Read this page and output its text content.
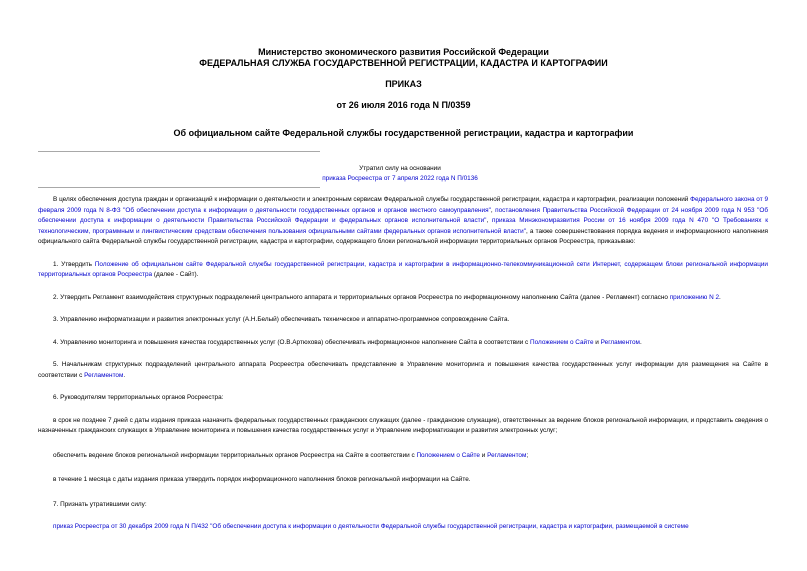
Министерство экономического развития Российской Федерации
ФЕДЕРАЛЬНАЯ СЛУЖБА ГОСУДАРСТВЕННОЙ РЕГИСТРАЦИИ, КАДАСТРА И КАРТОГРАФИИ
ПРИКАЗ
от 26 июля 2016 года N П/0359
Об официальном сайте Федеральной службы государственной регистрации, кадастра и картографии
Утратил силу на основании
приказа Росреестра от 7 апреля 2022 года N П/0136

В целях обеспечения доступа граждан и организаций к информации о деятельности и электронным сервисам Федеральной службы государственной регистрации, кадастра и картографии, реализации положений Федерального закона от 9 февраля 2009 года N 8-ФЗ "Об обеспечении доступа к информации о деятельности государственных органов и органов местного самоуправления", постановления Правительства Российской Федерации от 24 ноября 2009 года N 953 "Об обеспечении доступа к информации о деятельности Правительства Российской Федерации и федеральных органов исполнительной власти", приказа Минэкономразвития России от 16 ноября 2009 года N 470 "О Требованиях к технологическим, программным и лингвистическим средствам обеспечения пользования официальными сайтами федеральных органов исполнительной власти", а также совершенствования порядка ведения и информационного наполнения официального сайта Федеральной службы государственной регистрации, кадастра и картографии, содержащего блоки региональной информации территориальных органов Росреестра, приказываю:

1. Утвердить Положение об официальном сайте Федеральной службы государственной регистрации, кадастра и картографии в информационно-телекоммуникационной сети Интернет, содержащем блоки региональной информации территориальных органов Росреестра (далее - Сайт).

2. Утвердить Регламент взаимодействия структурных подразделений центрального аппарата и территориальных органов Росреестра по информационному наполнению Сайта (далее - Регламент) согласно приложению N 2.

3. Управлению информатизации и развития электронных услуг (А.Н.Белый) обеспечивать техническое и аппаратно-программное сопровождение Сайта.

4. Управлению мониторинга и повышения качества государственных услуг (О.В.Артюхова) обеспечивать информационное наполнение Сайта в соответствии с Положением о Сайте и Регламентом.

5. Начальникам структурных подразделений центрального аппарата Росреестра обеспечивать представление в Управление мониторинга и повышения качества государственных услуг информации для размещения на Сайте в соответствии с Регламентом.

6. Руководителям территориальных органов Росреестра:

в срок не позднее 7 дней с даты издания приказа назначить федеральных государственных гражданских служащих (далее - гражданские служащие), ответственных за ведение блоков региональной информации, и представить сведения о назначенных гражданских служащих в Управление мониторинга и повышения качества государственных услуг и Управление информатизации и развития электронных услуг;

обеспечить ведение блоков региональной информации территориальных органов Росреестра на Сайте в соответствии с Положением о Сайте и Регламентом;

в течение 1 месяца с даты издания приказа утвердить порядок информационного наполнения блоков региональной информации на Сайте.

7. Признать утратившими силу:

приказ Росреестра от 30 декабря 2009 года N П/432 "Об обеспечении доступа к информации о деятельности Федеральной службы государственной регистрации, кадастра и картографии, размещаемой в системе
